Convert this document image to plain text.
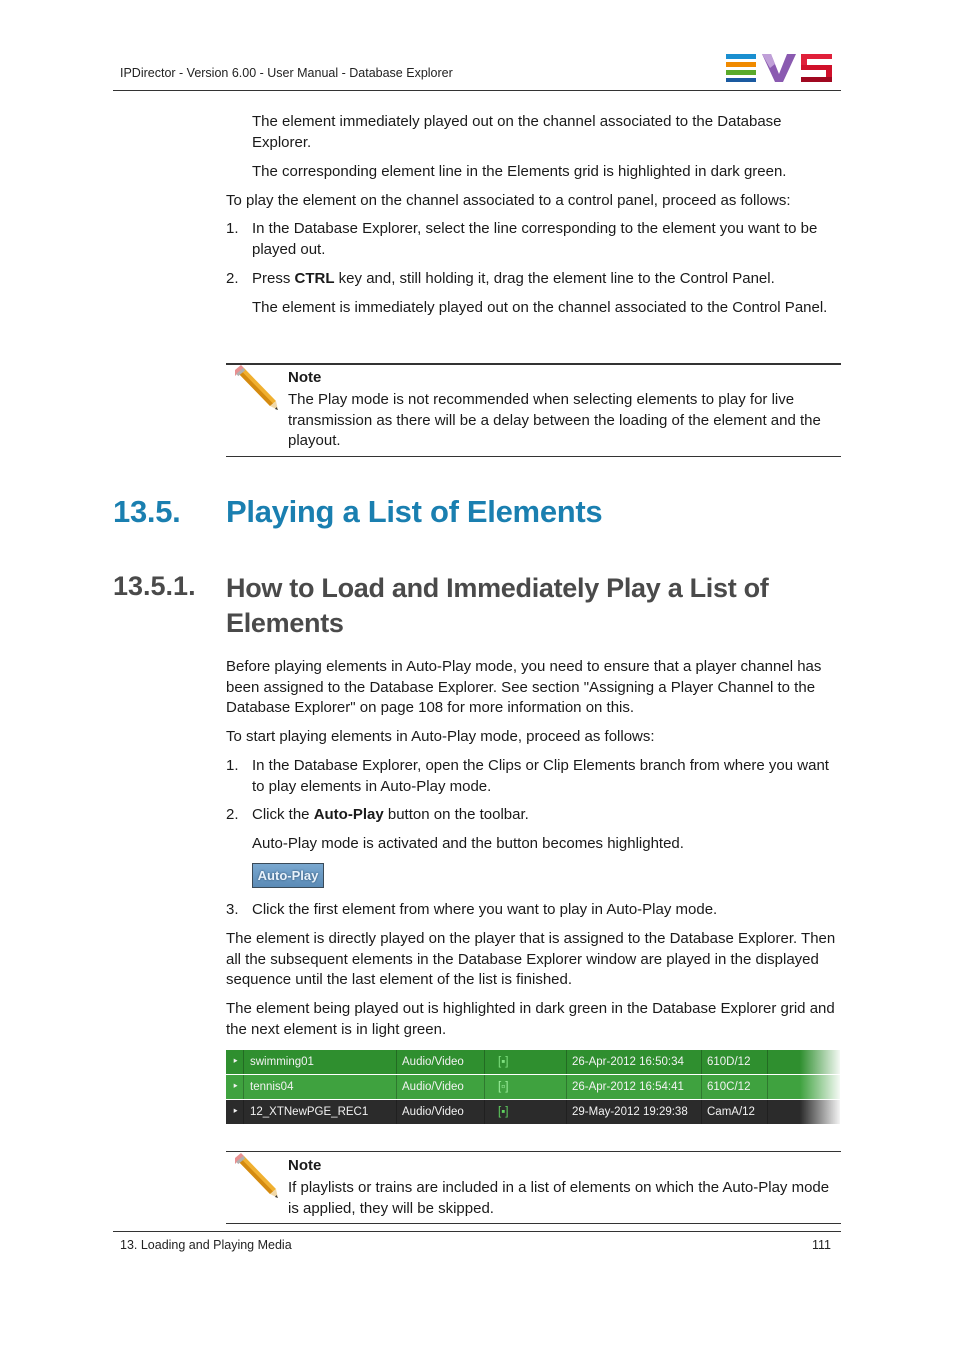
IPDirector - Version 6.00 - User Manual - Database Explorer
The element immediately played out on the channel associated to the Database Explorer.
The corresponding element line in the Elements grid is highlighted in dark green.
To play the element on the channel associated to a control panel, proceed as follows:
1. In the Database Explorer, select the line corresponding to the element you want to be played out.
2. Press CTRL key and, still holding it, drag the element line to the Control Panel.
The element is immediately played out on the channel associated to the Control Panel.
Note
The Play mode is not recommended when selecting elements to play for live transmission as there will be a delay between the loading of the element and the playout.
13.5. Playing a List of Elements
13.5.1. How to Load and Immediately Play a List of Elements
Before playing elements in Auto-Play mode, you need to ensure that a player channel has been assigned to the Database Explorer. See section "Assigning a Player Channel to the Database Explorer" on page 108 for more information on this.
To start playing elements in Auto-Play mode, proceed as follows:
1. In the Database Explorer, open the Clips or Clip Elements branch from where you want to play elements in Auto-Play mode.
2. Click the Auto-Play button on the toolbar.
Auto-Play mode is activated and the button becomes highlighted.
Auto-Play
3. Click the first element from where you want to play in Auto-Play mode.
The element is directly played on the player that is assigned to the Database Explorer. Then all the subsequent elements in the Database Explorer window are played in the displayed sequence until the last element of the list is finished.
The element being played out is highlighted in dark green in the Database Explorer grid and the next element is in light green.
‣ swimming01	Audio/Video	[▪]	26-Apr-2012 16:50:34 610D/12
‣ tennis04	Audio/Video	[▫]	26-Apr-2012 16:54:41 610C/12
‣ 12_XTNewPGE_REC1	Audio/Video	[▪]	29-May-2012 19:29:38 CamA/12
Note
If playlists or trains are included in a list of elements on which the Auto-Play mode is applied, they will be skipped.
13. Loading and Playing Media	111
